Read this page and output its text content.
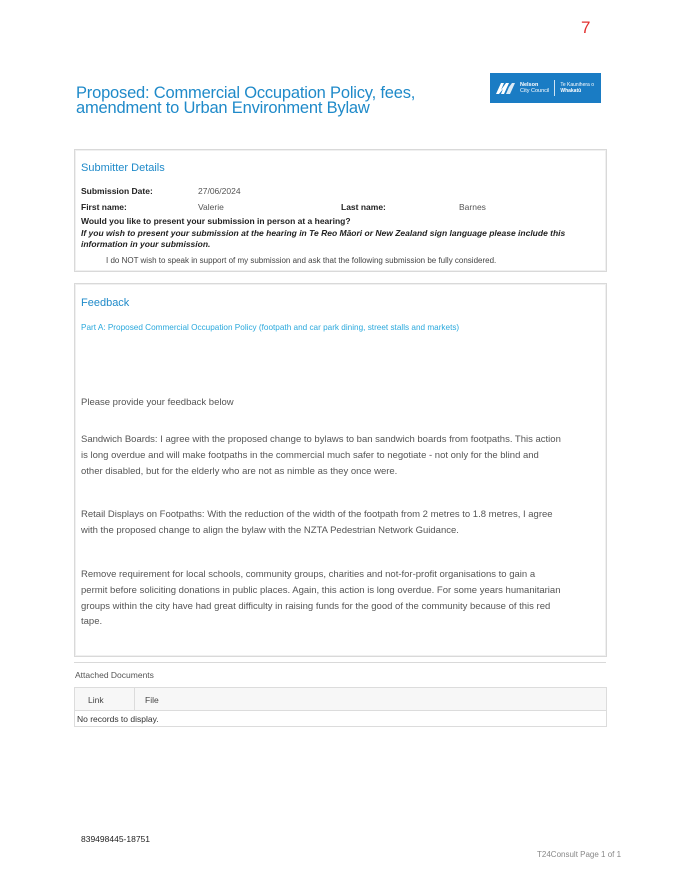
7
Proposed: Commercial Occupation Policy, fees, amendment to Urban Environment Bylaw
Nelson
City Council
Te Kaunihera o
Whakatū
Submitter Details
Submission Date:	27/06/2024
First name:	Valerie	Last name:	Barnes
Would you like to present your submission in person at a hearing?
If you wish to present your submission at the hearing in Te Reo Māori or New Zealand sign language please include this information in your submission.
I do NOT wish to speak in support of my submission and ask that the following submission be fully considered.
Feedback
Part A: Proposed Commercial Occupation Policy (footpath and car park dining, street stalls and markets)
Please provide your feedback below

Sandwich Boards: I agree with the proposed change to bylaws to ban sandwich boards from footpaths. This action is long overdue and will make footpaths in the commercial much safer to negotiate - not only for the blind and other disabled, but for the elderly who are not as nimble as they once were.

Retail Displays on Footpaths: With the reduction of the width of the footpath from 2 metres to 1.8 metres, I agree with the proposed change to align the bylaw with the NZTA Pedestrian Network Guidance.

Remove requirement for local schools, community groups, charities and not-for-profit organisations to gain a permit before soliciting donations in public places. Again, this action is long overdue. For some years humanitarian groups within the city have had great difficulty in raising funds for the good of the community because of this red tape.

Attached Documents
Link	File
No records to display.
839498445-18751
T24Consult Page 1 of 1
